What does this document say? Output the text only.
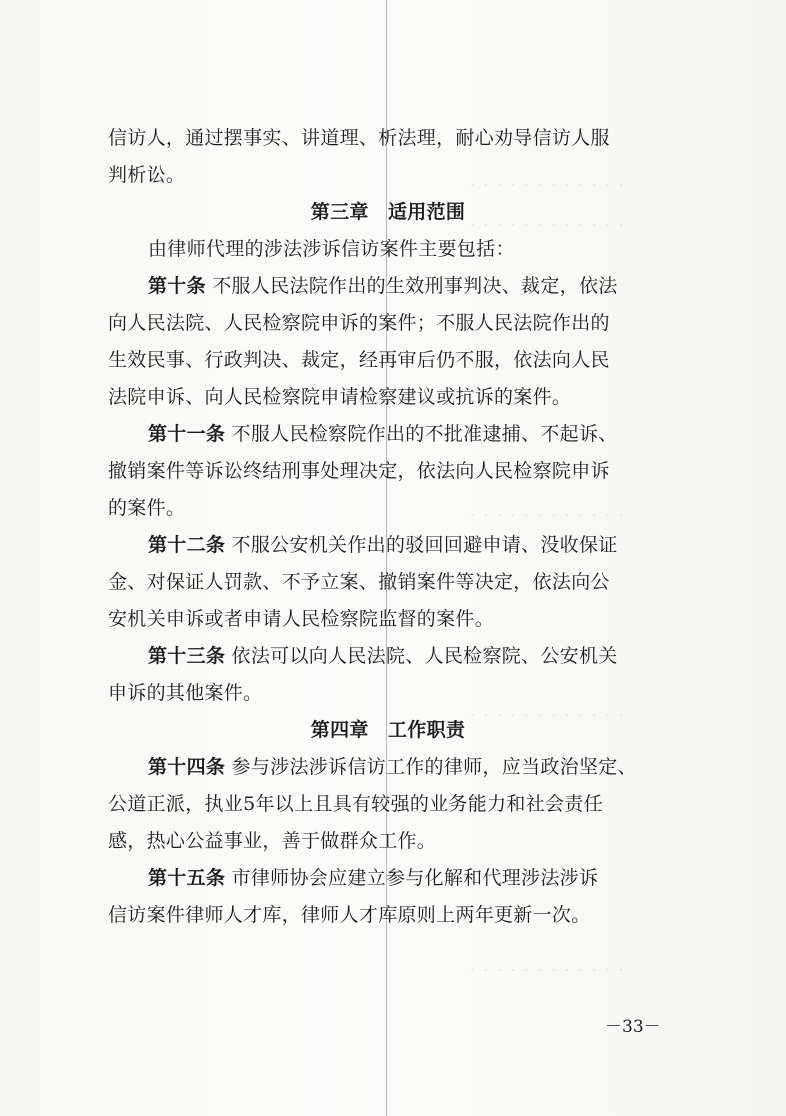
· · · · · · · · · · · ·
· · · · · · · · · · · ·
· · · · · · · · · · · ·
· · · · · · · · · · · ·
· · · · · · · · · · · ·
信访人，通过摆事实、讲道理、析法理，耐心劝导信访人服
判析讼。
第三章　适用范围
由律师代理的涉法涉诉信访案件主要包括：
第十条 不服人民法院作出的生效刑事判决、裁定，依法
向人民法院、人民检察院申诉的案件；不服人民法院作出的
生效民事、行政判决、裁定，经再审后仍不服，依法向人民
法院申诉、向人民检察院申请检察建议或抗诉的案件。
第十一条 不服人民检察院作出的不批准逮捕、不起诉、
撤销案件等诉讼终结刑事处理决定，依法向人民检察院申诉
的案件。
第十二条 不服公安机关作出的驳回回避申请、没收保证
金、对保证人罚款、不予立案、撤销案件等决定，依法向公
安机关申诉或者申请人民检察院监督的案件。
第十三条 依法可以向人民法院、人民检察院、公安机关
申诉的其他案件。
第四章　工作职责
第十四条 参与涉法涉诉信访工作的律师，应当政治坚定、
公道正派，执业5年以上且具有较强的业务能力和社会责任
感，热心公益事业，善于做群众工作。
第十五条 市律师协会应建立参与化解和代理涉法涉诉
信访案件律师人才库，律师人才库原则上两年更新一次。
－33－
